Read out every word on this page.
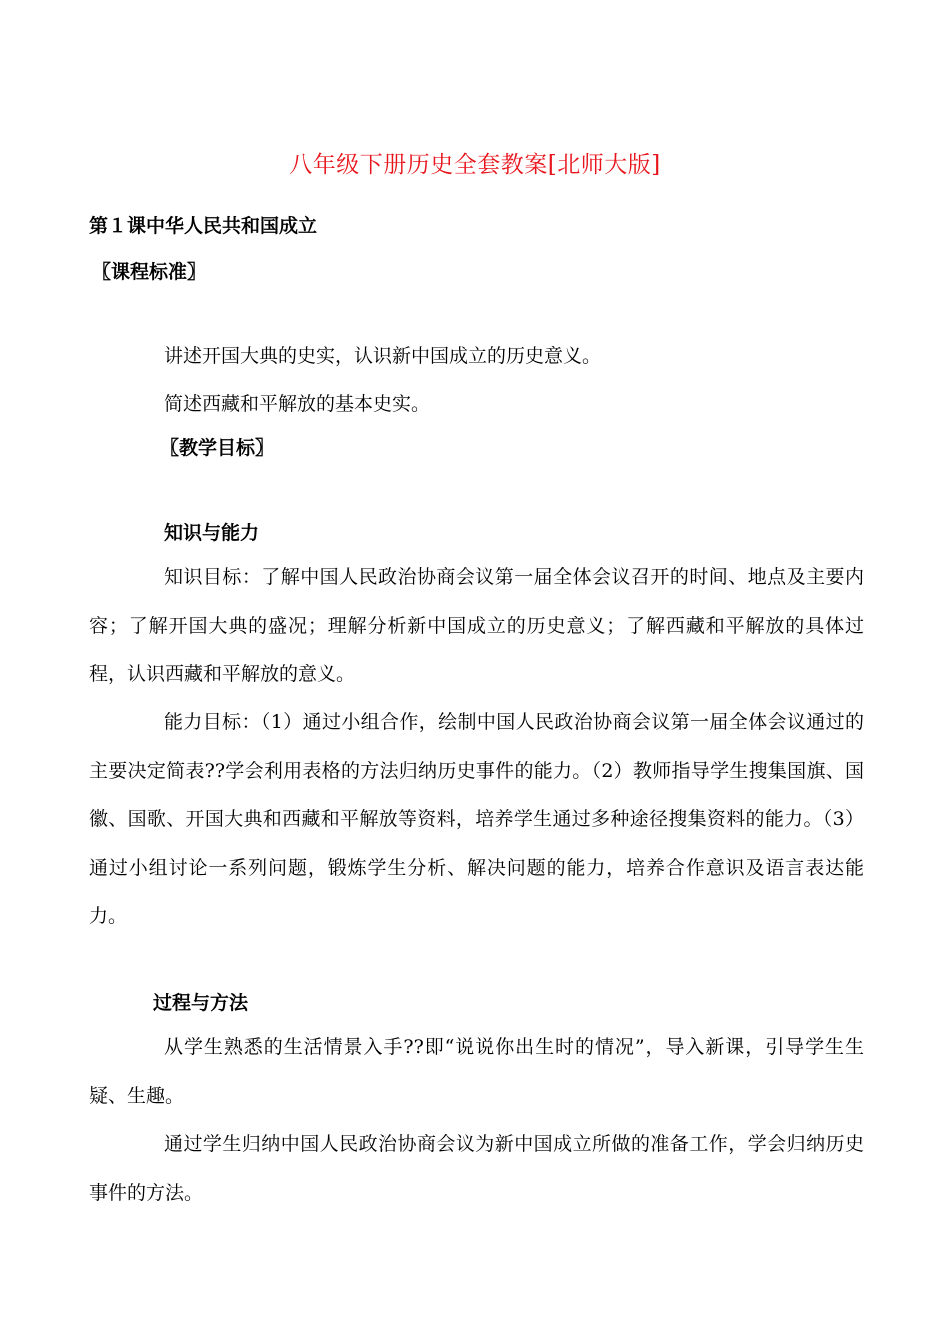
八年级下册历史全套教案[北师大版]
第１课中华人民共和国成立
〖课程标准〗
讲述开国大典的史实，认识新中国成立的历史意义。
简述西藏和平解放的基本史实。
〖教学目标〗
知识与能力

知识目标：了解中国人民政治协商会议第一届全体会议召开的时间、地点及主要内容；了解开国大典的盛况；理解分析新中国成立的历史意义；了解西藏和平解放的具体过程，认识西藏和平解放的意义。

能力目标：（1）通过小组合作，绘制中国人民政治协商会议第一届全体会议通过的主要决定简表??学会利用表格的方法归纳历史事件的能力。（2）教师指导学生搜集国旗、国徽、国歌、开国大典和西藏和平解放等资料，培养学生通过多种途径搜集资料的能力。（3）通过小组讨论一系列问题，锻炼学生分析、解决问题的能力，培养合作意识及语言表达能力。

过程与方法

从学生熟悉的生活情景入手??即“说说你出生时的情况”，导入新课，引导学生生疑、生趣。

通过学生归纳中国人民政治协商会议为新中国成立所做的准备工作，学会归纳历史事件的方法。
